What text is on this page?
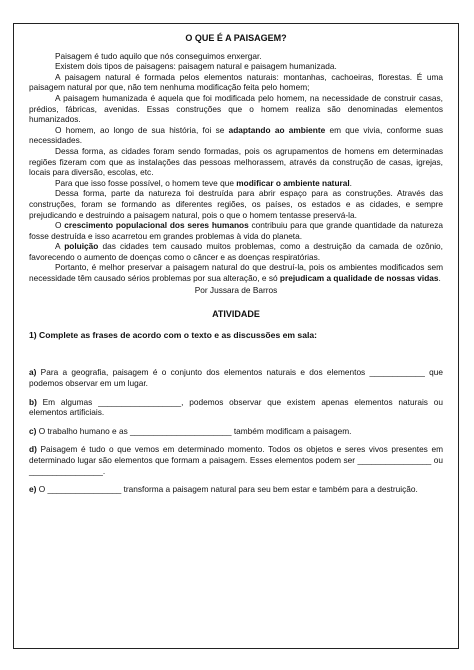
O QUE É A PAISAGEM?

Paisagem é tudo aquilo que nós conseguimos enxergar.

Existem dois tipos de paisagens: paisagem natural e paisagem humanizada.

A paisagem natural é formada pelos elementos naturais: montanhas, cachoeiras, florestas. É uma paisagem natural por que, não tem nenhuma modificação feita pelo homem;

A paisagem humanizada é aquela que foi modificada pelo homem, na necessidade de construir casas, prédios, fábricas, avenidas. Essas construções que o homem realiza são denominadas elementos humanizados.

O homem, ao longo de sua história, foi se adaptando ao ambiente em que vivia, conforme suas necessidades.

Dessa forma, as cidades foram sendo formadas, pois os agrupamentos de homens em determinadas regiões fizeram com que as instalações das pessoas melhorassem, através da construção de casas, igrejas, locais para diversão, escolas, etc.

Para que isso fosse possível, o homem teve que modificar o ambiente natural.

Dessa forma, parte da natureza foi destruída para abrir espaço para as construções. Através das construções, foram se formando as diferentes regiões, os países, os estados e as cidades, e sempre prejudicando e destruindo a paisagem natural, pois o que o homem tentasse preservá-la.

O crescimento populacional dos seres humanos contribuiu para que grande quantidade da natureza fosse destruída e isso acarretou em grandes problemas à vida do planeta.

A poluição das cidades tem causado muitos problemas, como a destruição da camada de ozônio, favorecendo o aumento de doenças como o câncer e as doenças respiratórias.

Portanto, é melhor preservar a paisagem natural do que destruí-la, pois os ambientes modificados sem necessidade têm causado sérios problemas por sua alteração, e só prejudicam a qualidade de nossas vidas.

Por Jussara de Barros
ATIVIDADE
1) Complete as frases de acordo com o texto e as discussões em sala:

a) Para a geografia, paisagem é o conjunto dos elementos naturais e dos elementos ____________ que podemos observar em um lugar.

b) Em algumas __________________, podemos observar que existem apenas elementos naturais ou elementos artificiais.

c) O trabalho humano e as ______________________ também modificam a paisagem.

d) Paisagem é tudo o que vemos em determinado momento. Todos os objetos e seres vivos presentes em determinado lugar são elementos que formam a paisagem. Esses elementos podem ser ________________ ou ________________.

e) O ________________ transforma a paisagem natural para seu bem estar e também para a destruição.
